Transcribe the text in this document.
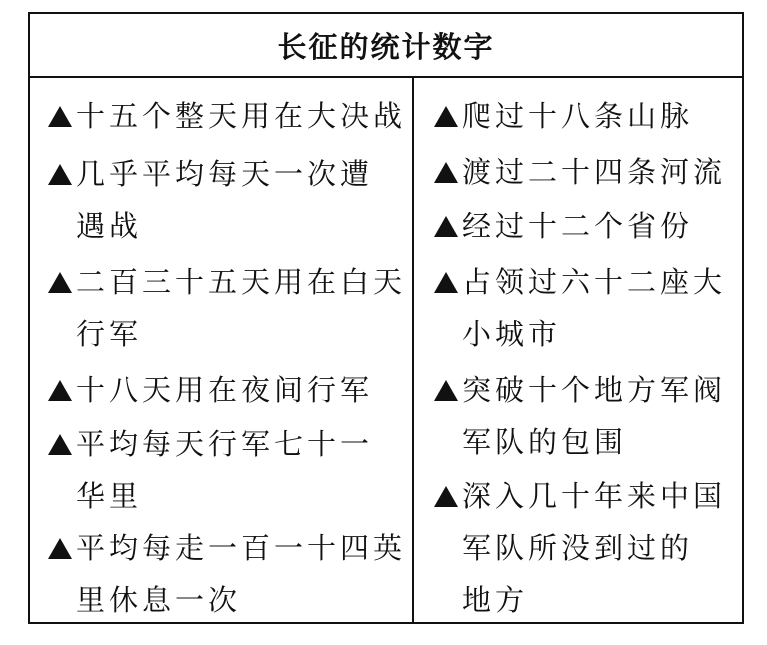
长征的统计数字
十五个整天用在大决战
几乎平均每天一次遭
遇战
二百三十五天用在白天
行军
十八天用在夜间行军
平均每天行军七十一
华里
平均每走一百一十四英
里休息一次
爬过十八条山脉
渡过二十四条河流
经过十二个省份
占领过六十二座大
小城市
突破十个地方军阀
军队的包围
深入几十年来中国
军队所没到过的
地方
